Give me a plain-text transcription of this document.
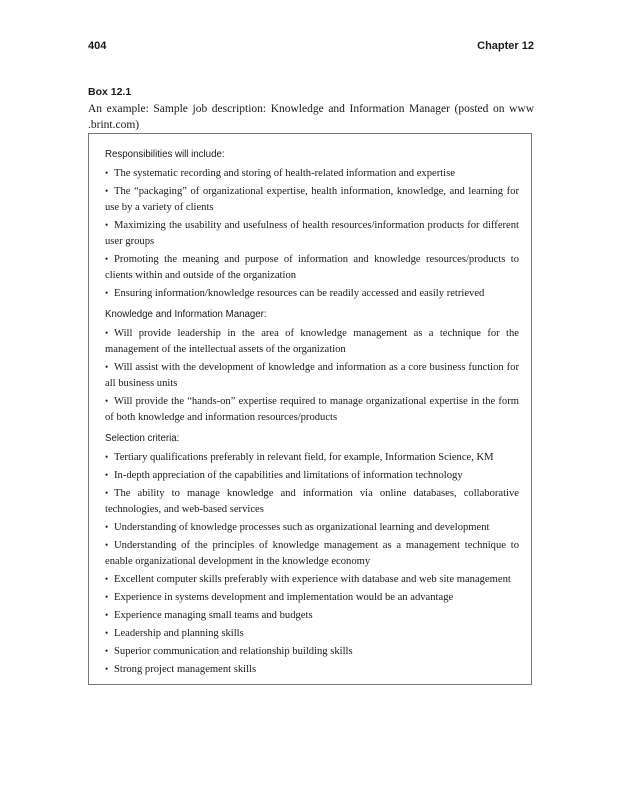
404	Chapter 12
Box 12.1
An example: Sample job description: Knowledge and Information Manager (posted on www .brint.com)
Responsibilities will include:
• The systematic recording and storing of health-related information and expertise
• The “packaging” of organizational expertise, health information, knowledge, and learning for use by a variety of clients
• Maximizing the usability and usefulness of health resources/information products for different user groups
• Promoting the meaning and purpose of information and knowledge resources/products to clients within and outside of the organization
• Ensuring information/knowledge resources can be readily accessed and easily retrieved
Knowledge and Information Manager:
• Will provide leadership in the area of knowledge management as a technique for the management of the intellectual assets of the organization
• Will assist with the development of knowledge and information as a core business function for all business units
• Will provide the “hands-on” expertise required to manage organizational expertise in the form of both knowledge and information resources/products
Selection criteria:
• Tertiary qualifications preferably in relevant field, for example, Information Science, KM
• In-depth appreciation of the capabilities and limitations of information technology
• The ability to manage knowledge and information via online databases, collaborative technologies, and web-based services
• Understanding of knowledge processes such as organizational learning and development
• Understanding of the principles of knowledge management as a management technique to enable organizational development in the knowledge economy
• Excellent computer skills preferably with experience with database and web site management
• Experience in systems development and implementation would be an advantage
• Experience managing small teams and budgets
• Leadership and planning skills
• Superior communication and relationship building skills
• Strong project management skills
